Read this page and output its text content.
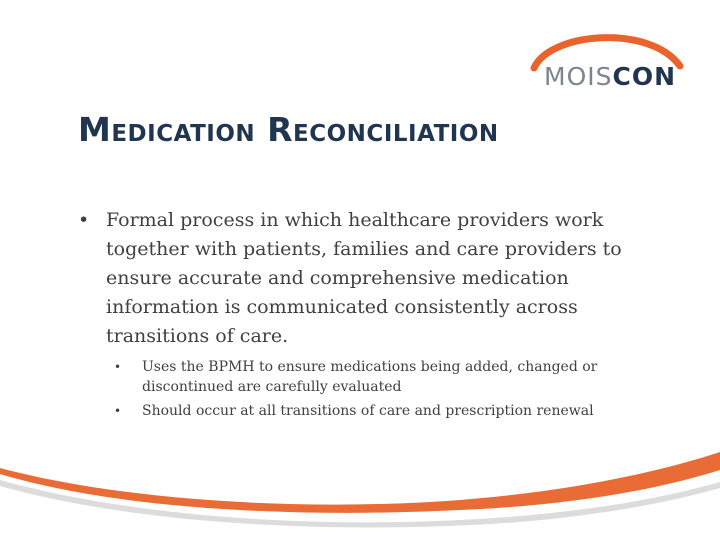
MOISCON
Medication Reconciliation
• Formal process in which healthcare providers work together with patients, families and care providers to ensure accurate and comprehensive medication information is communicated consistently across transitions of care.
• Uses the BPMH to ensure medications being added, changed or discontinued are carefully evaluated
• Should occur at all transitions of care and prescription renewal
